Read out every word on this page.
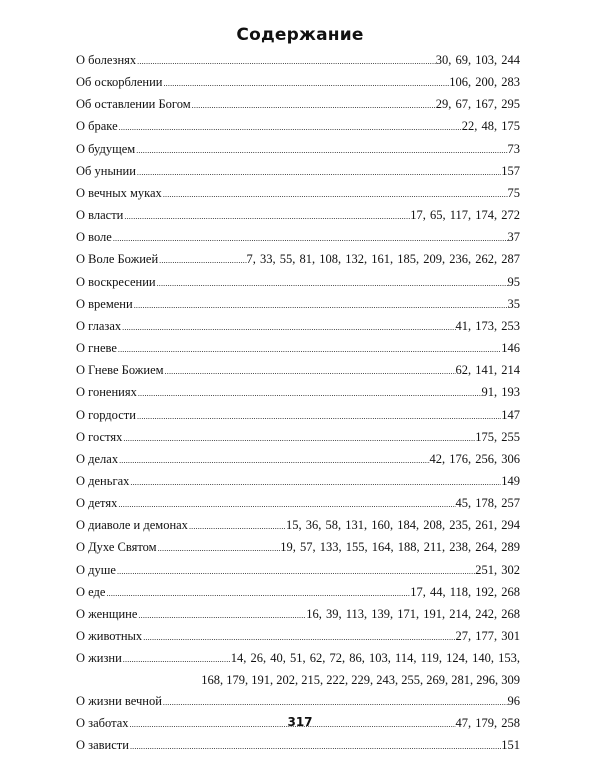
Содержание
О болезнях .....	30, 69, 103, 244
Об оскорблении .....	106, 200, 283
Об оставлении Богом .....	29, 67, 167, 295
О браке .....	22, 48, 175
О будущем .....	73
Об унынии .....	157
О вечных муках .....	75
О власти .....	17, 65, 117, 174, 272
О воле .....	37
О Воле Божией .....	7, 33, 55, 81, 108, 132, 161, 185, 209, 236, 262, 287
О воскресении .....	95
О времени .....	35
О глазах .....	41, 173, 253
О гневе .....	146
О Гневе Божием .....	62, 141, 214
О гонениях .....	91, 193
О гордости .....	147
О гостях .....	175, 255
О делах .....	42, 176, 256, 306
О деньгах .....	149
О детях .....	45, 178, 257
О диаволе и демонах .....	15, 36, 58, 131, 160, 184, 208, 235, 261, 294
О Духе Святом .....	19, 57, 133, 155, 164, 188, 211, 238, 264, 289
О душе .....	251, 302
О еде .....	17, 44, 118, 192, 268
О женщине .....	16, 39, 113, 139, 171, 191, 214, 242, 268
О животных .....	27, 177, 301
О жизни .....	14, 26, 40, 51, 62, 72, 86, 103, 114, 119, 124, 140, 153,
168, 179, 191, 202, 215, 222, 229, 243, 255, 269, 281, 296, 309
О жизни вечной .....	96
О заботах .....	47, 179, 258
О зависти .....	151
317
